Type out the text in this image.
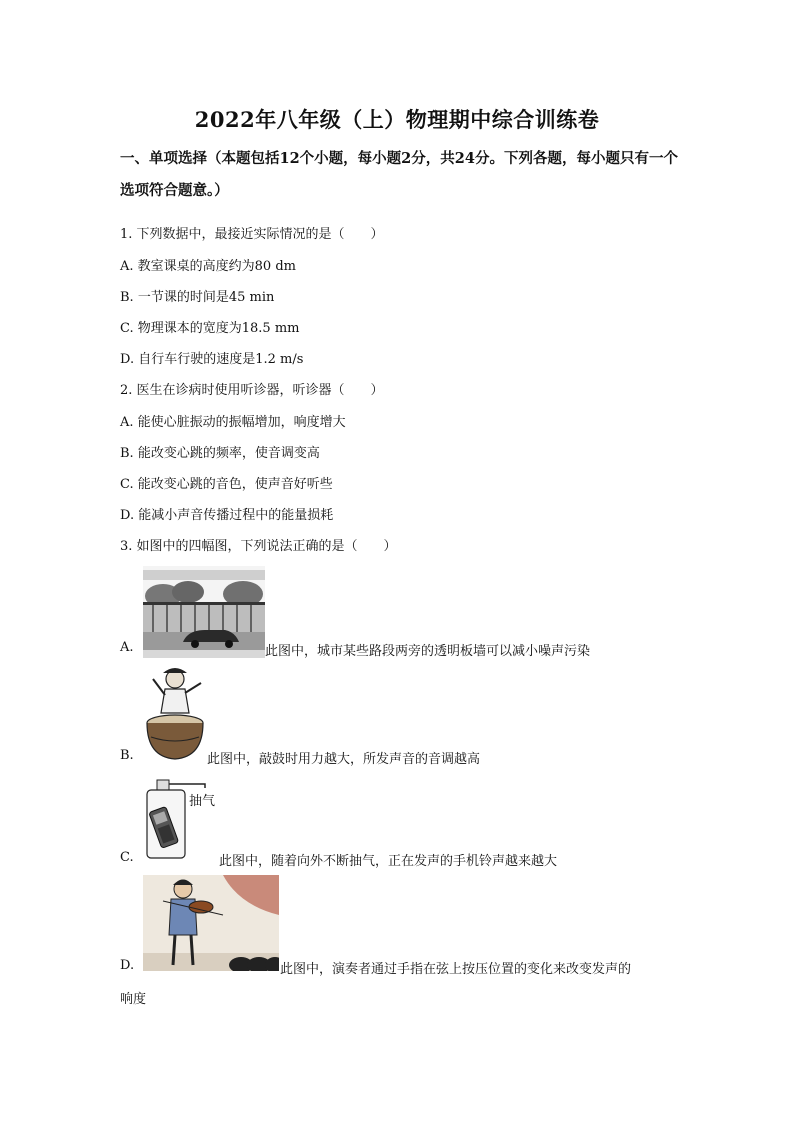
2022年八年级（上）物理期中综合训练卷

一、单项选择（本题包括12个小题，每小题2分，共24分。下列各题，每小题只有一个选项符合题意。）

1. 下列数据中，最接近实际情况的是（　　）

A. 教室课桌的高度约为80 dm

B. 一节课的时间是45 min

C. 物理课本的宽度为18.5 mm

D. 自行车行驶的速度是1.2 m/s

2. 医生在诊病时使用听诊器，听诊器（　　）

A. 能使心脏振动的振幅增加，响度增大

B. 能改变心跳的频率，使音调变高

C. 能改变心跳的音色，使声音好听些

D. 能减小声音传播过程中的能量损耗

3. 如图中的四幅图，下列说法正确的是（　　）

A.	此图中，城市某些路段两旁的透明板墙可以减小噪声污染
B.	此图中，敲鼓时用力越大，所发声音的音调越高
抽气
C.	此图中，随着向外不断抽气，正在发声的手机铃声越来越大
D.	此图中，演奏者通过手指在弦上按压位置的变化来改变发声的
响度
